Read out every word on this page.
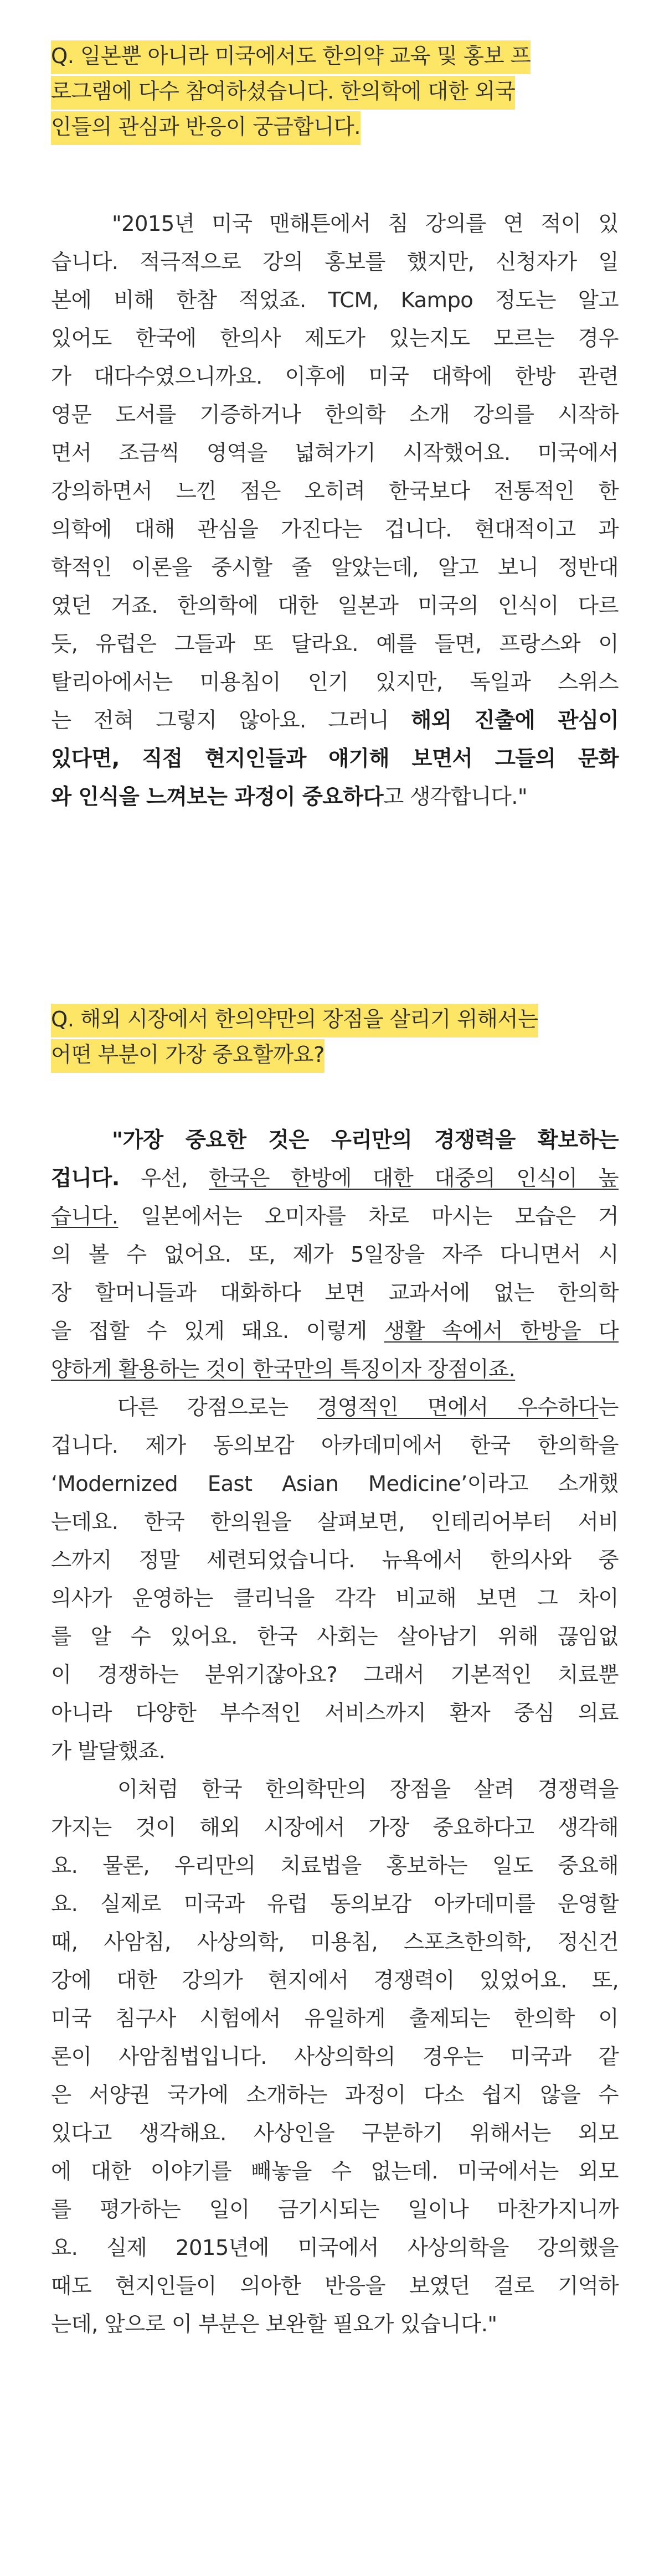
Q. 일본뿐 아니라 미국에서도 한의약 교육 및 홍보 프
로그램에 다수 참여하셨습니다. 한의학에 대한 외국
인들의 관심과 반응이 궁금합니다.
"2015년 미국 맨해튼에서 침 강의를 연 적이 있
습니다. 적극적으로 강의 홍보를 했지만, 신청자가 일
본에 비해 한참 적었죠. TCM, Kampo 정도는 알고
있어도 한국에 한의사 제도가 있는지도 모르는 경우
가 대다수였으니까요. 이후에 미국 대학에 한방 관련
영문 도서를 기증하거나 한의학 소개 강의를 시작하
면서 조금씩 영역을 넓혀가기 시작했어요. 미국에서
강의하면서 느낀 점은 오히려 한국보다 전통적인 한
의학에 대해 관심을 가진다는 겁니다. 현대적이고 과
학적인 이론을 중시할 줄 알았는데, 알고 보니 정반대
였던 거죠. 한의학에 대한 일본과 미국의 인식이 다르
듯, 유럽은 그들과 또 달라요. 예를 들면, 프랑스와 이
탈리아에서는 미용침이 인기 있지만, 독일과 스위스
는 전혀 그렇지 않아요. 그러니 해외 진출에 관심이
있다면, 직접 현지인들과 얘기해 보면서 그들의 문화
와 인식을 느껴보는 과정이 중요하다고 생각합니다."
Q. 해외 시장에서 한의약만의 장점을 살리기 위해서는
어떤 부분이 가장 중요할까요?
"가장 중요한 것은 우리만의 경쟁력을 확보하는
겁니다. 우선, 한국은 한방에 대한 대중의 인식이 높
습니다. 일본에서는 오미자를 차로 마시는 모습은 거
의 볼 수 없어요. 또, 제가 5일장을 자주 다니면서 시
장 할머니들과 대화하다 보면 교과서에 없는 한의학
을 접할 수 있게 돼요. 이렇게 생활 속에서 한방을 다
양하게 활용하는 것이 한국만의 특징이자 장점이죠.
다른 강점으로는 경영적인 면에서 우수하다는
겁니다. 제가 동의보감 아카데미에서 한국 한의학을
‘Modernized East Asian Medicine’이라고 소개했
는데요. 한국 한의원을 살펴보면, 인테리어부터 서비
스까지 정말 세련되었습니다. 뉴욕에서 한의사와 중
의사가 운영하는 클리닉을 각각 비교해 보면 그 차이
를 알 수 있어요. 한국 사회는 살아남기 위해 끊임없
이 경쟁하는 분위기잖아요? 그래서 기본적인 치료뿐
아니라 다양한 부수적인 서비스까지 환자 중심 의료
가 발달했죠.
이처럼 한국 한의학만의 장점을 살려 경쟁력을
가지는 것이 해외 시장에서 가장 중요하다고 생각해
요. 물론, 우리만의 치료법을 홍보하는 일도 중요해
요. 실제로 미국과 유럽 동의보감 아카데미를 운영할
때, 사암침, 사상의학, 미용침, 스포츠한의학, 정신건
강에 대한 강의가 현지에서 경쟁력이 있었어요. 또,
미국 침구사 시험에서 유일하게 출제되는 한의학 이
론이 사암침법입니다. 사상의학의 경우는 미국과 같
은 서양권 국가에 소개하는 과정이 다소 쉽지 않을 수
있다고 생각해요. 사상인을 구분하기 위해서는 외모
에 대한 이야기를 빼놓을 수 없는데. 미국에서는 외모
를 평가하는 일이 금기시되는 일이나 마찬가지니까
요. 실제 2015년에 미국에서 사상의학을 강의했을
때도 현지인들이 의아한 반응을 보였던 걸로 기억하
는데, 앞으로 이 부분은 보완할 필요가 있습니다."
